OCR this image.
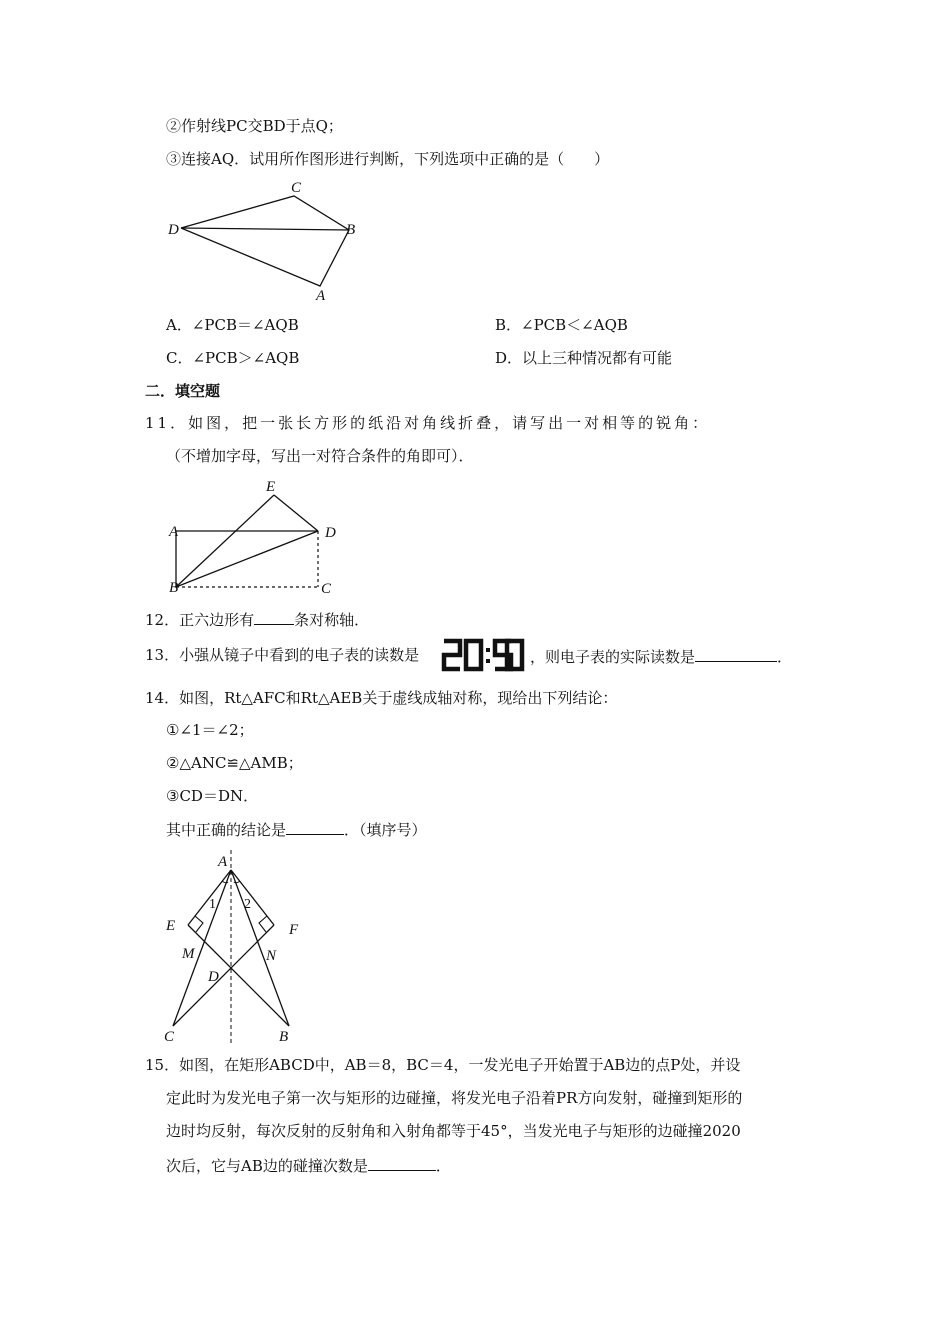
②作射线PC交BD于点Q；
③连接AQ．试用所作图形进行判断，下列选项中正确的是（　　）
C
D	B
A
A．∠PCB＝∠AQB	B．∠PCB＜∠AQB
C．∠PCB＞∠AQB	D．以上三种情况都有可能
二．填空题
11．如图，把一张长方形的纸沿对角线折叠，请写出一对相等的锐角：
（不增加字母，写出一对符合条件的角即可）．
E
A	D
B	C
12．正六边形有	条对称轴．
13．小强从镜子中看到的电子表的读数是	，则电子表的实际读数是	．
14．如图，Rt△AFC和Rt△AEB关于虚线成轴对称，现给出下列结论：
①∠1＝∠2；
②△ANC≌△AMB；
③CD＝DN．
其中正确的结论是	．（填序号）
A
1 2
E	F
M	N
D
C	B
15．如图，在矩形ABCD中，AB＝8，BC＝4，一发光电子开始置于AB边的点P处，并设
定此时为发光电子第一次与矩形的边碰撞，将发光电子沿着PR方向发射，碰撞到矩形的
边时均反射，每次反射的反射角和入射角都等于45°，当发光电子与矩形的边碰撞2020
次后，它与AB边的碰撞次数是	．
